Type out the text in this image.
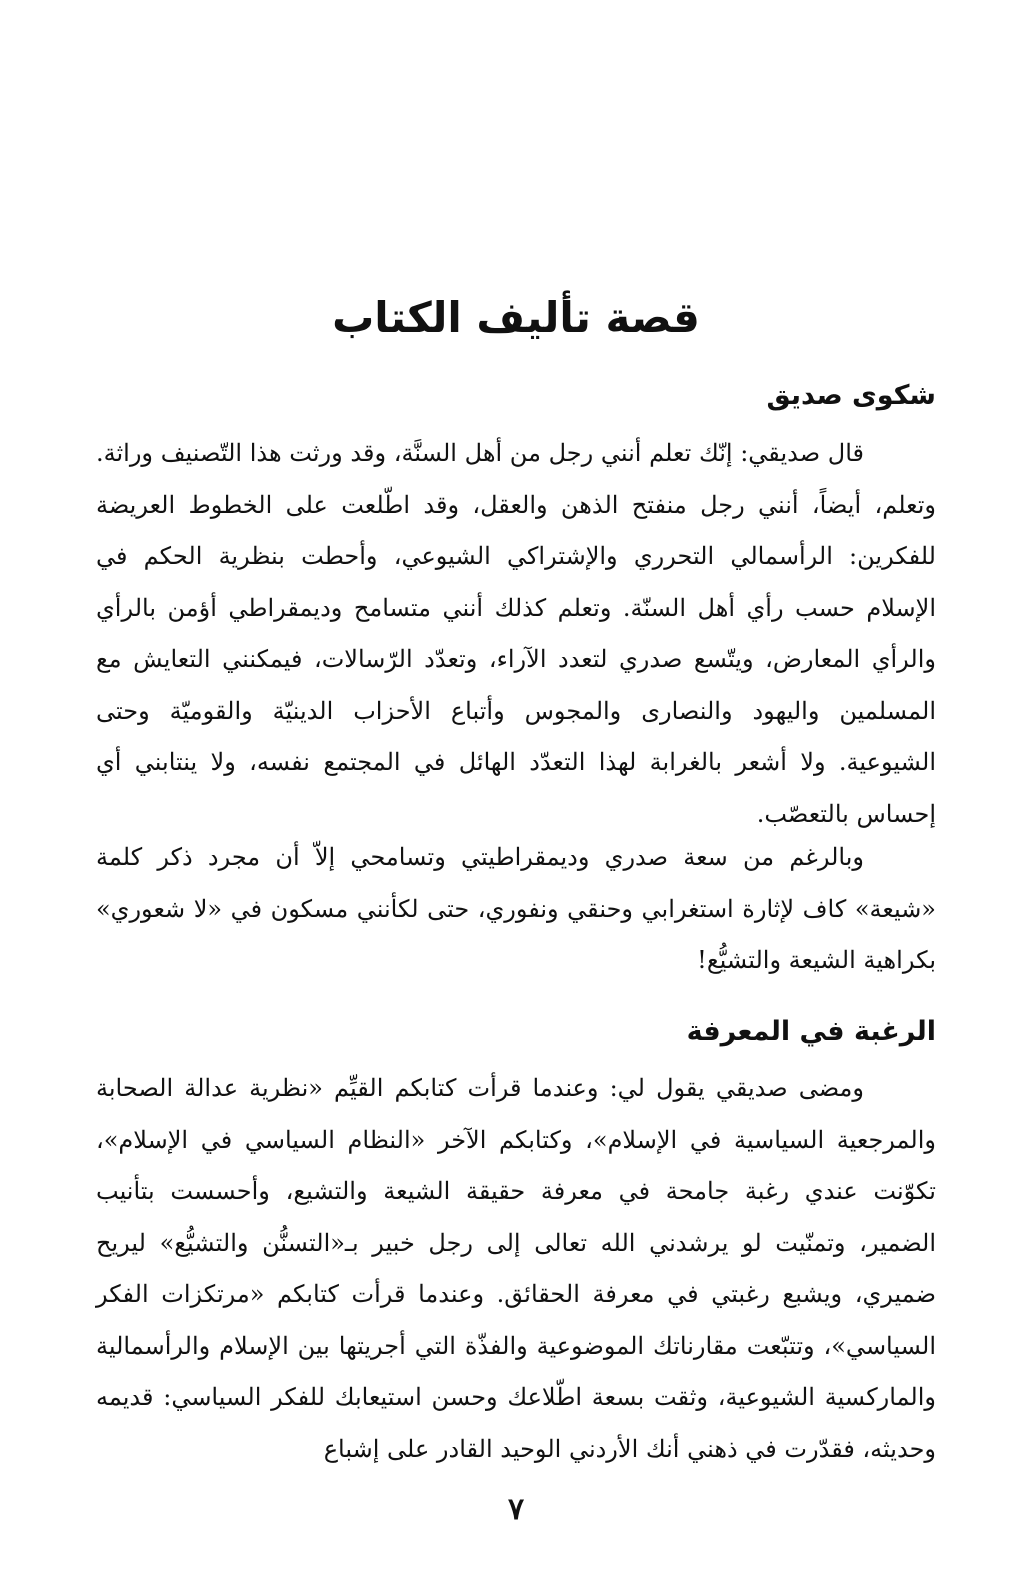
قصة تأليف الكتاب
شكوى صديق

قال صديقي: إنّك تعلم أنني رجل من أهل السنَّة، وقد ورثت هذا التّصنيف وراثة. وتعلم، أيضاً، أنني رجل منفتح الذهن والعقل، وقد اطّلعت على الخطوط العريضة للفكرين: الرأسمالي التحرري والإشتراكي الشيوعي، وأحطت بنظرية الحكم في الإسلام حسب رأي أهل السنّة. وتعلم كذلك أنني متسامح وديمقراطي أؤمن بالرأي والرأي المعارض، ويتّسع صدري لتعدد الآراء، وتعدّد الرّسالات، فيمكنني التعايش مع المسلمين واليهود والنصارى والمجوس وأتباع الأحزاب الدينيّة والقوميّة وحتى الشيوعية. ولا أشعر بالغرابة لهذا التعدّد الهائل في المجتمع نفسه، ولا ينتابني أي إحساس بالتعصّب.

وبالرغم من سعة صدري وديمقراطيتي وتسامحي إلاّ أن مجرد ذكر كلمة «شيعة» كاف لإثارة استغرابي وحنقي ونفوري، حتى لكأنني مسكون في «لا شعوري» بكراهية الشيعة والتشيُّع!

الرغبة في المعرفة

ومضى صديقي يقول لي: وعندما قرأت كتابكم القيِّم «نظرية عدالة الصحابة والمرجعية السياسية في الإسلام»، وكتابكم الآخر «النظام السياسي في الإسلام»، تكوّنت عندي رغبة جامحة في معرفة حقيقة الشيعة والتشيع، وأحسست بتأنيب الضمير، وتمنّيت لو يرشدني الله تعالى إلى رجل خبير بـ«التسنُّن والتشيُّع» ليريح ضميري، ويشبع رغبتي في معرفة الحقائق. وعندما قرأت كتابكم «مرتكزات الفكر السياسي»، وتتبّعت مقارناتك الموضوعية والفذّة التي أجريتها بين الإسلام والرأسمالية والماركسية الشيوعية، وثقت بسعة اطّلاعك وحسن استيعابك للفكر السياسي: قديمه وحديثه، فقدّرت في ذهني أنك الأردني الوحيد القادر على إشباع

٧
